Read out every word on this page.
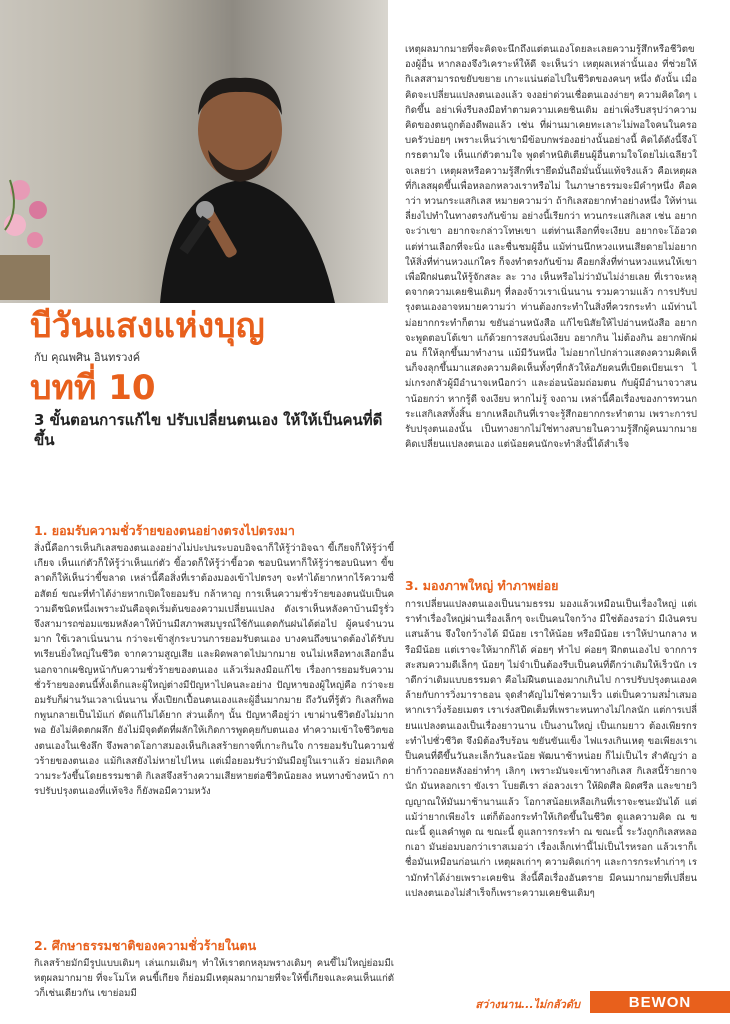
บีวันแสงแห่งบุญ
กับ คุณพศิน อินทรวงค์
บทที่ 10
3 ขั้นตอนการแก้ไข ปรับเปลี่ยนตนเอง ให้ให้เป็นคนที่ดีขึ้น
1. ยอมรับความชั่วร้ายของตนอย่างตรงไปตรงมา
สิ่งนี้คือการเห็นกิเลสของตนเองอย่างไม่ปะปนระบอบอิจฉาก็ให้รู้ว่าอิจฉา ขี้เกียจก็ให้รู้ว่าขี้เกียจ เห็นแก่ตัวก็ให้รู้ว่าเห็นแก่ตัว ขี้อวดก็ให้รู้ว่าขี้อวด ชอบนินทาก็ให้รู้ว่าชอบนินทา ขี้ขลาดก็ให้เห็นว่าขี้ขลาด เหล่านี้คือสิ่งที่เราต้องมองเข้าไปตรงๆ จะทำได้ยากหากไร้ความซื่อสัตย์ ขณะที่ทำได้ง่ายหากเปิดใจยอมรับ กล้าหาญ การเห็นความชั่วร้ายของตนนับเป็นความดีชนิดหนึ่งเพราะมันคือจุดเริ่มต้นของความเปลี่ยนแปลง ดังเราเห็นหลังคาบ้านมีรูรั่ว จึงสามารถซ่อมแซมหลังคาให้บ้านมีสภาพสมบูรณ์ใช้กันแดดกันฝนได้ต่อไป ผู้คนจำนวนมาก ใช้เวลาเนิ่นนาน กว่าจะเข้าสู่กระบวนการยอมรับตนเอง บางคนถึงขนาดต้องได้รับบทเรียนยิ่งใหญ่ในชีวิต จากความสูญเสีย และผิดพลาดไปมากมาย จนไม่เหลือทางเลือกอื่น นอกจากเผชิญหน้ากับความชั่วร้ายของตนเอง แล้วเริ่มลงมือแก้ไข เรื่องการยอมรับความชั่วร้ายของตนนี้ทั้งเด็กและผู้ใหญ่ต่างมีปัญหาไปคนละอย่าง ปัญหาของผู้ใหญ่คือ กว่าจะยอมรับก็ผ่านวันเวลาเนิ่นนาน ทั้งเปียกเปื้อนตนเองและผู้อื่นมากมาย ถึงวันที่รู้ตัว กิเลสก็พอกพูนกลายเป็นไม้แก่ ดัดแก้ไม่ได้ยาก ส่วนเด็กๆ นั้น ปัญหาคือยู่ว่า เขาผ่านชีวิตยังไม่มากพอ ยังไม่คิดตกผลึก ยังไม่มีจุดตัดที่ผลักให้เกิดการพูดคุยกับตนเอง ทำความเข้าใจชีวิตของตนเองในเชิงลึก จึงพลาดโอกาสมองเห็นกิเลสร้ายกาจที่เกาะกินใจ การยอมรับในความชั่วร้ายของตนเอง แม้กิเลสยังไม่หายไปไหน แต่เมื่อยอมรับว่ามันมีอยู่ในเราแล้ว ย่อมเกิดความระวังขึ้นโดยธรรมชาติ กิเลสจึงสร้างความเสียหายต่อชีวิตน้อยลง หนทางข้างหน้า การปรับปรุงตนเองที่แท้จริง ก็ยังพอมีความหวัง
2. ศึกษาธรรมชาติของความชั่วร้ายในตน
กิเลสร้ายมักมีรูปแบบเดิมๆ เล่นเกมเดิมๆ ทำให้เราตกหลุมพรางเดิมๆ คนขี้ไม่ใหญ่ย่อมมีเหตุผลมากมาย ที่จะโมโห คนขี้เกียจ ก็ย่อมมีเหตุผลมากมายที่จะให้ขี้เกียจและคนเห็นแก่ตัวก็เช่นเดียวกัน เขาย่อมมี
เหตุผลมากมายที่จะคิดจะนึกถึงแต่ตนเองโดยละเลยความรู้สึกหรือชีวิตของผู้อื่น หากลองจึงวิเคราะห์ให้ดี จะเห็นว่า เหตุผลเหล่านั้นเอง ที่ช่วยให้กิเลสสามารถขยับขยาย เกาะแน่นต่อไปในชีวิตของคนๆ หนึ่ง ดังนั้น เมื่อคิดจะเปลี่ยนแปลงตนเองแล้ว จงอย่าด่วนเชื่อตนเองง่ายๆ ความคิดใดๆ เกิดขึ้น อย่าเพิ่งรีบลงมือทำตามความเคยชินเดิม อย่าเพิ่งรีบสรุปว่าความคิดของตนถูกต้องดีพอแล้ว เช่น ที่ผ่านมาเคยทะเลาะไม่พอใจคนในครอบครัวบ่อยๆ เพราะเห็นว่าเขามีข้อบกพร่องอย่างนั้นอย่างนี้ คิดได้ดังนี้จึงโกรธตามใจ เห็นแก่ตัวตามใจ พูดตำหนิติเตียนผู้อื่นตามใจโดยไม่เฉลียวใจเลยว่า เหตุผลหรือความรู้สึกที่เรายึดมั่นถือมั่นนั้นแท้จริงแล้ว คือเหตุผลที่กิเลสผุดขึ้นเพื่อหลอกหลวงเราหรือไม่ ในภาษาธรรมจะมีคำๆหนึ่ง คือคำว่า ทวนกระแสกิเลส หมายความว่า ถ้ากิเลสอยากทำอย่างหนึ่ง ให้ท่านเลี่ยงไปทำในทางตรงกันข้าม อย่างนี้เรียกว่า ทวนกระแสกิเลส เช่น อยากจะว่าเขา อยากจะกล่าวโทษเขา แต่ท่านเลือกที่จะเงียบ อยากจะโอ้อวด แต่ท่านเลือกที่จะนิ่ง และชื่นชมผู้อื่น แม้ท่านนึกหวงแหนเสียดายไม่อยากให้สิ่งที่ท่านหวงแก่ใคร ก็จงทำตรงกันข้าม คือยกสิ่งที่ท่านหวงแหนให้เขา เพื่อฝึกฝนตนให้รู้จักสละ ละ วาง เห็นหรือไม่ว่ามันไม่ง่ายเลย ที่เราจะหลุดจากความเคยชินเดิมๆ ที่ลองจ้าวเราเนิ่นนาน รวมความแล้ว การปรับปรุงตนเองอาจหมายความว่า ท่านต้องกระทำในสิ่งที่ควรกระทำ แม้ท่านไม่อยากกระทำก็ตาม ขยันอ่านหนังสือ แก้ไขนิสัยให้ไปอ่านหนังสือ อยากจะพูดตอบโต้เขา แก้ด้วยการสงบนิ่งเงียบ อยากกิน ไม่ต้องกิน อยากพักผ่อน ก็ให้ลุกขึ้นมาทำงาน แม้มีวันหนึ่ง ไม่อยากไปกล่าวแสดงความคิดเห็นก็จงลุกขึ้นมาแสดงความคิดเห็นทั้งๆที่กลัวให้อภัยคนที่เบียดเบียนเรา ไม่เกรงกลัวผู้มีอำนาจเหนือกว่า และอ่อนน้อมถ่อมตน กับผู้มีอำนาจวาสนาน้อยกว่า หากรู้ดี จงเงียบ หากไม่รู้ จงถาม เหล่านี้คือเรื่องของการทวนกระแสกิเลสทั้งสิ้น ยากเหลือเกินที่เราจะรู้สึกอยากกระทำตาม เพราะการปรับปรุงตนเองนั้น เป็นทางยากไม่ใช่ทางสบายในความรู้สึกผู้คนมากมายคิดเปลี่ยนแปลงตนเอง แต่น้อยคนนักจะทำสิ่งนี้ได้สำเร็จ
3. มองภาพใหญ่ ทำภาพย่อย
การเปลี่ยนแปลงตนเองเป็นนามธรรม มองแล้วเหมือนเป็นเรื่องใหญ่ แต่เราทำเรื่องใหญ่ผ่านเรื่องเล็กๆ จะเป็นคนใจกว้าง มีใช่ต้องรอว่า มีเงินครบแสนล้าน จึงใจกว้างได้ มีน้อย เราให้น้อย หรือมีน้อย เราให้ปานกลาง หรือมีน้อย แต่เราจะให้มากก็ได้ ค่อยๆ ทำไป ค่อยๆ ฝึกตนเองไป จากการสะสมความดีเล็กๆ น้อยๆ ไม่จำเป็นต้องรีบเป็นคนที่ดีกว่าเดิมให้เร็วนัก เราดีกว่าเดิมแบบธรรมดา คือไม่ฝืนตนเองมากเกินไป การปรับปรุงตนเองคล้ายกับการวิ่งมาราธอน จุดสำคัญไม่ใช่ความเร็ว แต่เป็นความสม่ำเสมอ หากเราวิ่งร้อยเมตร เราเร่งสปีดเต็มที่เพราะหนทางไม่ไกลนัก แต่การเปลี่ยนแปลงตนเองเป็นเรื่องยาวนาน เป็นงานใหญ่ เป็นเกมยาว ต้องเพียรกระทำไปชั่วชีวิต จึงมิต้องรีบร้อน ขยันขันแข็ง ไฟแรงเกินเหตุ ขอเพียงเราเป็นคนที่ดีขึ้นวันละเล็กวันละน้อย พัฒนาช้าหน่อย ก็ไม่เป็นไร สำคัญว่า อย่าก้าวถอยหลังอย่าทำๆ เลิกๆ เพราะมันจะเข้าทางกิเลส กิเลสนี้ร้ายกาจนัก มันหลอกเรา ขังเรา โบยตีเรา ล่อลวงเรา ให้ผิดศีล ผิดศรีล และขายวิญญาณให้มันมาช้านานแล้ว โอกาสน้อยเหลือเกินที่เราจะชนะมันได้ แต่แม้ว่ายากเพียงไร แต่ก็ต้องกระทำให้เกิดขึ้นในชีวิต ดูแลความคิด ณ ขณะนี้ ดูแลคำพูด ณ ขณะนี้ ดูแลการกระทำ ณ ขณะนี้ ระวังถูกกิเลสหลอกเอา มันย่อมบอกว่าเราสเมอว่า เรื่องเล็กเท่านี้ไม่เป็นไรหรอก แล้วเราก็เชื่อมันเหมือนก่อนเก่า เหตุผลเก่าๆ ความคิดเก่าๆ และการกระทำเก่าๆ เรามักทำได้ง่ายเพราะเคยชิน สิ่งนี้คือเรื่องอันตราย มีคนมากมายที่เปลี่ยนแปลงตนเองไม่สำเร็จก็เพราะความเคยชินเดิมๆ
สว่างนาน...ไม่กลัวดับ	BEWON
